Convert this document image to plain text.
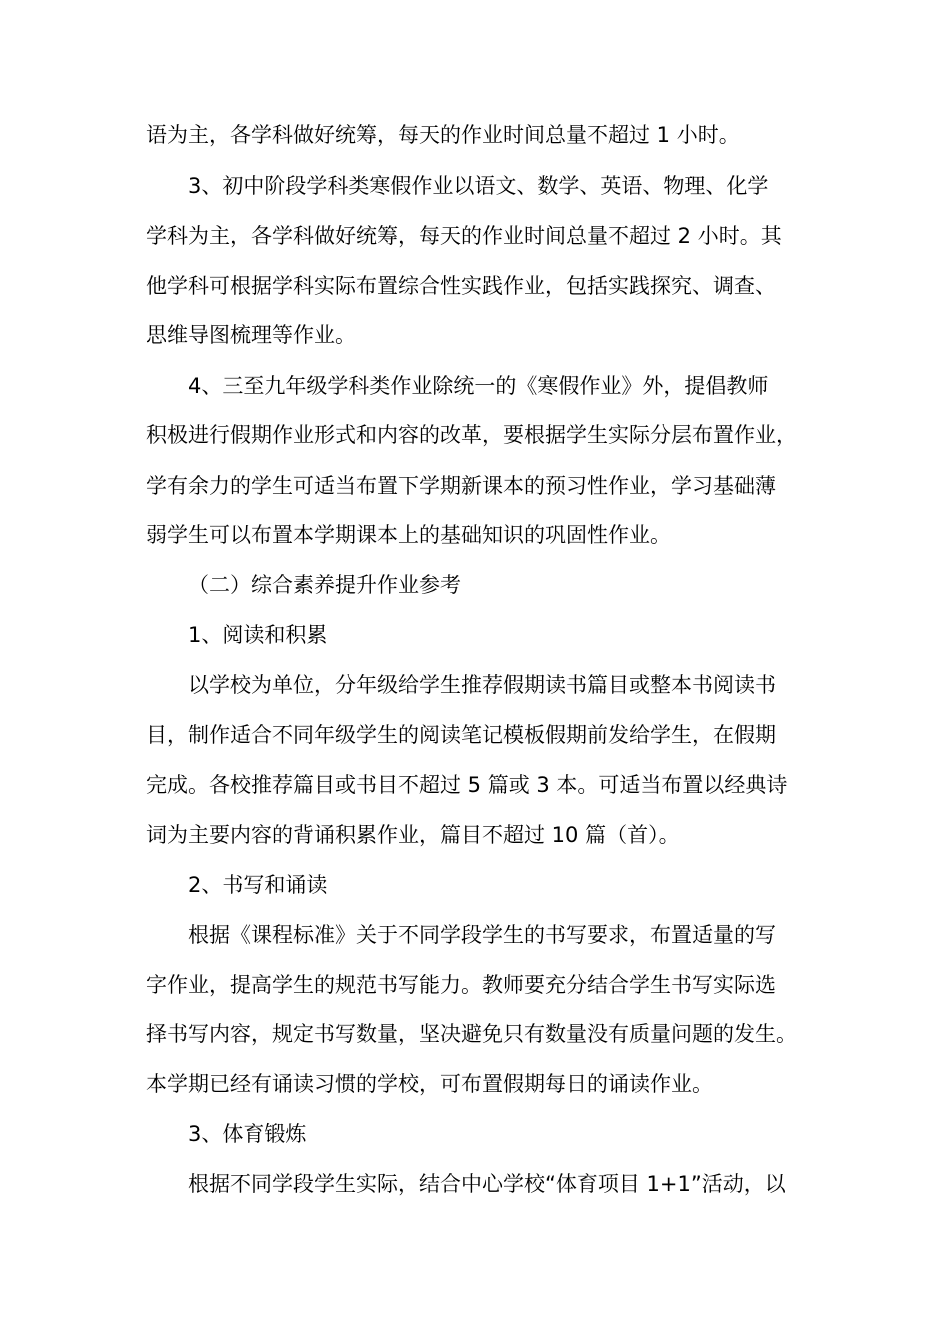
语为主，各学科做好统筹，每天的作业时间总量不超过 1 小时。
3、初中阶段学科类寒假作业以语文、数学、英语、物理、化学
学科为主，各学科做好统筹，每天的作业时间总量不超过 2 小时。其
他学科可根据学科实际布置综合性实践作业，包括实践探究、调查、
思维导图梳理等作业。
4、三至九年级学科类作业除统一的《寒假作业》外，提倡教师
积极进行假期作业形式和内容的改革，要根据学生实际分层布置作业，
学有余力的学生可适当布置下学期新课本的预习性作业，学习基础薄
弱学生可以布置本学期课本上的基础知识的巩固性作业。
（二）综合素养提升作业参考
1、阅读和积累
以学校为单位，分年级给学生推荐假期读书篇目或整本书阅读书
目，制作适合不同年级学生的阅读笔记模板假期前发给学生，在假期
完成。各校推荐篇目或书目不超过 5 篇或 3 本。可适当布置以经典诗
词为主要内容的背诵积累作业，篇目不超过 10 篇（首）。
2、书写和诵读
根据《课程标准》关于不同学段学生的书写要求，布置适量的写
字作业，提高学生的规范书写能力。教师要充分结合学生书写实际选
择书写内容，规定书写数量，坚决避免只有数量没有质量问题的发生。
本学期已经有诵读习惯的学校，可布置假期每日的诵读作业。
3、体育锻炼
根据不同学段学生实际，结合中心学校“体育项目 1+1”活动，以
